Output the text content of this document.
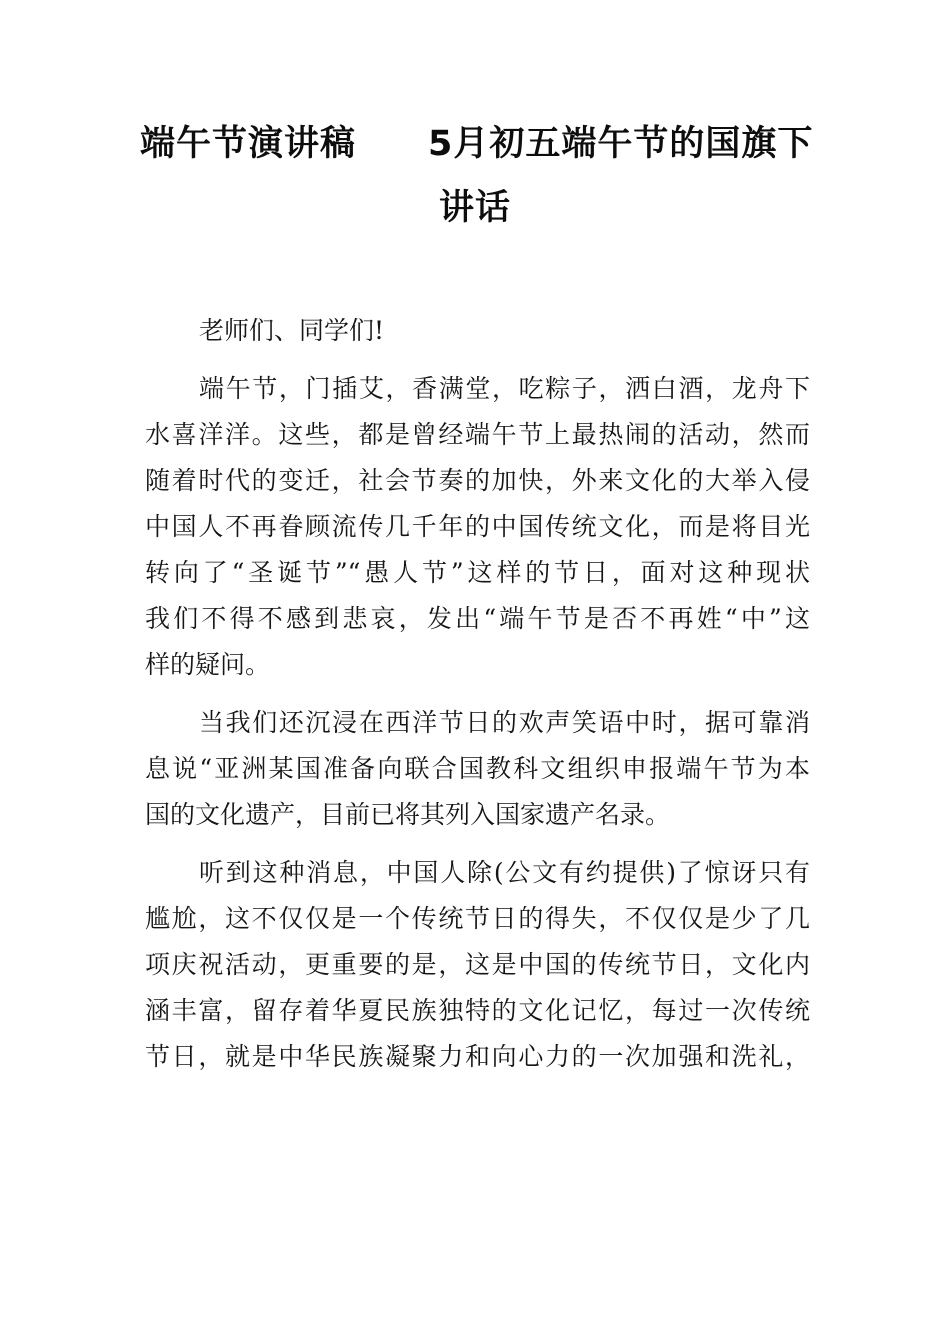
端午节演讲稿　　5月初五端午节的国旗下
讲话
老师们、同学们!
端午节，门插艾，香满堂，吃粽子，洒白酒，龙舟下
水喜洋洋。这些，都是曾经端午节上最热闹的活动，然而
随着时代的变迁，社会节奏的加快，外来文化的大举入侵
中国人不再眷顾流传几千年的中国传统文化，而是将目光
转向了“圣诞节”“愚人节”这样的节日，面对这种现状
我们不得不感到悲哀，发出“端午节是否不再姓“中”这
样的疑问。
当我们还沉浸在西洋节日的欢声笑语中时，据可靠消
息说“亚洲某国准备向联合国教科文组织申报端午节为本
国的文化遗产，目前已将其列入国家遗产名录。
听到这种消息，中国人除(公文有约提供)了惊讶只有
尴尬，这不仅仅是一个传统节日的得失，不仅仅是少了几
项庆祝活动，更重要的是，这是中国的传统节日，文化内
涵丰富，留存着华夏民族独特的文化记忆，每过一次传统
节日，就是中华民族凝聚力和向心力的一次加强和洗礼，
